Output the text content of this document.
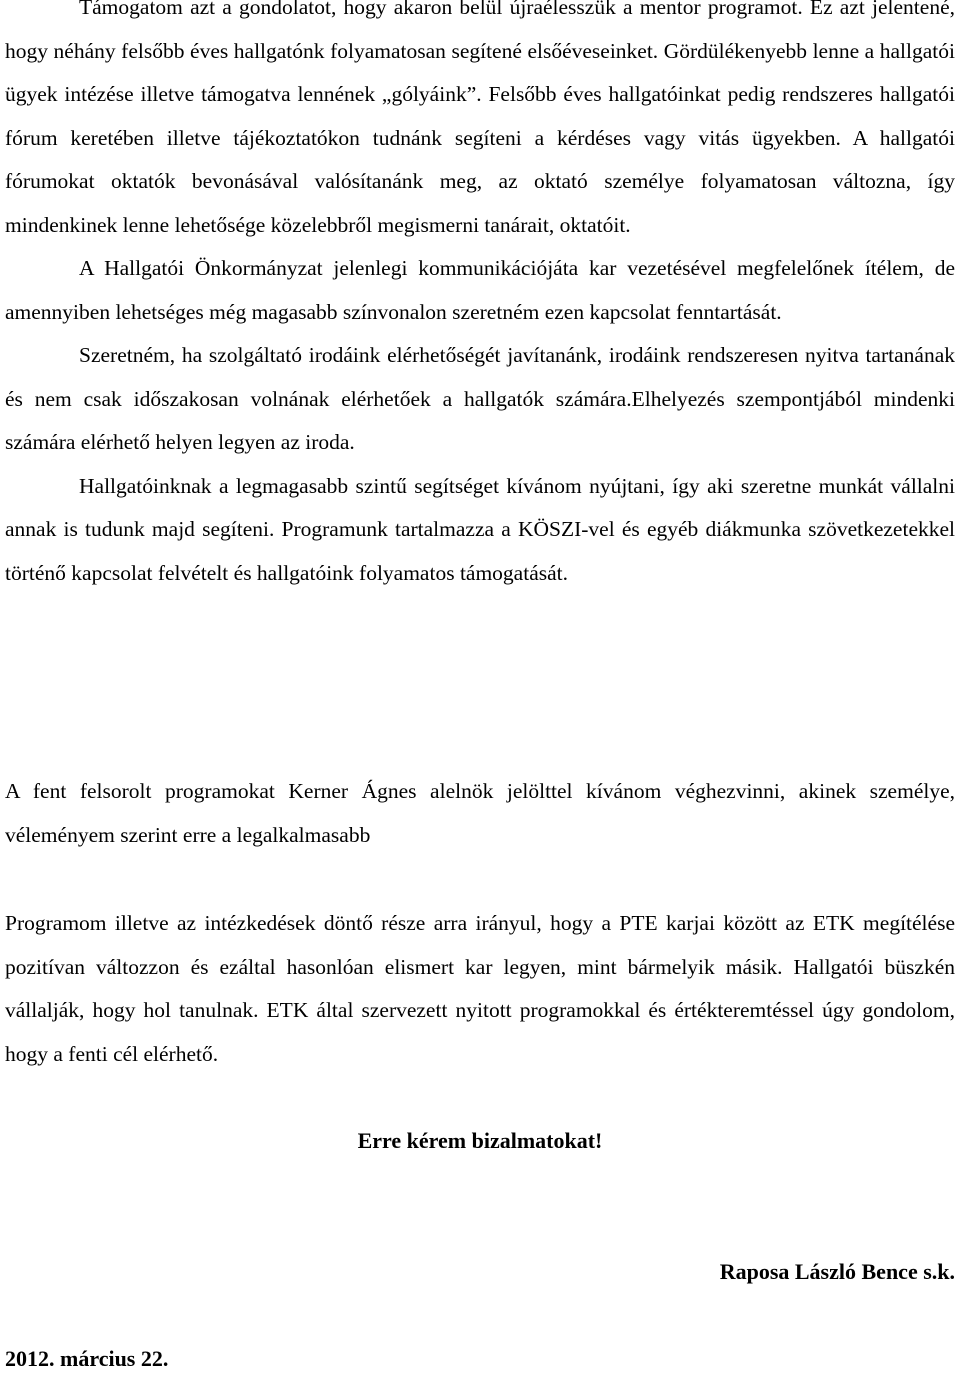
Támogatom azt a gondolatot, hogy akaron belül újraélesszük a mentor programot. Ez azt jelentené, hogy néhány felsőbb éves hallgatónk folyamatosan segítené elsőéveseinket. Gördülékenyebb lenne a hallgatói ügyek intézése illetve támogatva lennének „gólyáink”. Felsőbb éves hallgatóinkat pedig rendszeres hallgatói fórum keretében illetve tájékoztatókon tudnánk segíteni a kérdéses vagy vitás ügyekben. A hallgatói fórumokat oktatók bevonásával valósítanánk meg, az oktató személye folyamatosan változna, így mindenkinek lenne lehetősége közelebbről megismerni tanárait, oktatóit.

A Hallgatói Önkormányzat jelenlegi kommunikációjáta kar vezetésével megfelelőnek ítélem, de amennyiben lehetséges még magasabb színvonalon szeretném ezen kapcsolat fenntartását.

Szeretném, ha szolgáltató irodáink elérhetőségét javítanánk, irodáink rendszeresen nyitva tartanának és nem csak időszakosan volnának elérhetőek a hallgatók számára.Elhelyezés szempontjából mindenki számára elérhető helyen legyen az iroda.

Hallgatóinknak a legmagasabb szintű segítséget kívánom nyújtani, így aki szeretne munkát vállalni annak is tudunk majd segíteni. Programunk tartalmazza a KÖSZI-vel és egyéb diákmunka szövetkezetekkel történő kapcsolat felvételt és hallgatóink folyamatos támogatását.

A fent felsorolt programokat Kerner Ágnes alelnök jelölttel kívánom véghezvinni, akinek személye, véleményem szerint erre a legalkalmasabb

Programom illetve az intézkedések döntő része arra irányul, hogy a PTE karjai között az ETK megítélése pozitívan változzon és ezáltal hasonlóan elismert kar legyen, mint bármelyik másik. Hallgatói büszkén vállalják, hogy hol tanulnak. ETK által szervezett nyitott programokkal és értékteremtéssel úgy gondolom, hogy a fenti cél elérhető.

Erre kérem bizalmatokat!
Raposa László Bence s.k.
2012. március 22.
